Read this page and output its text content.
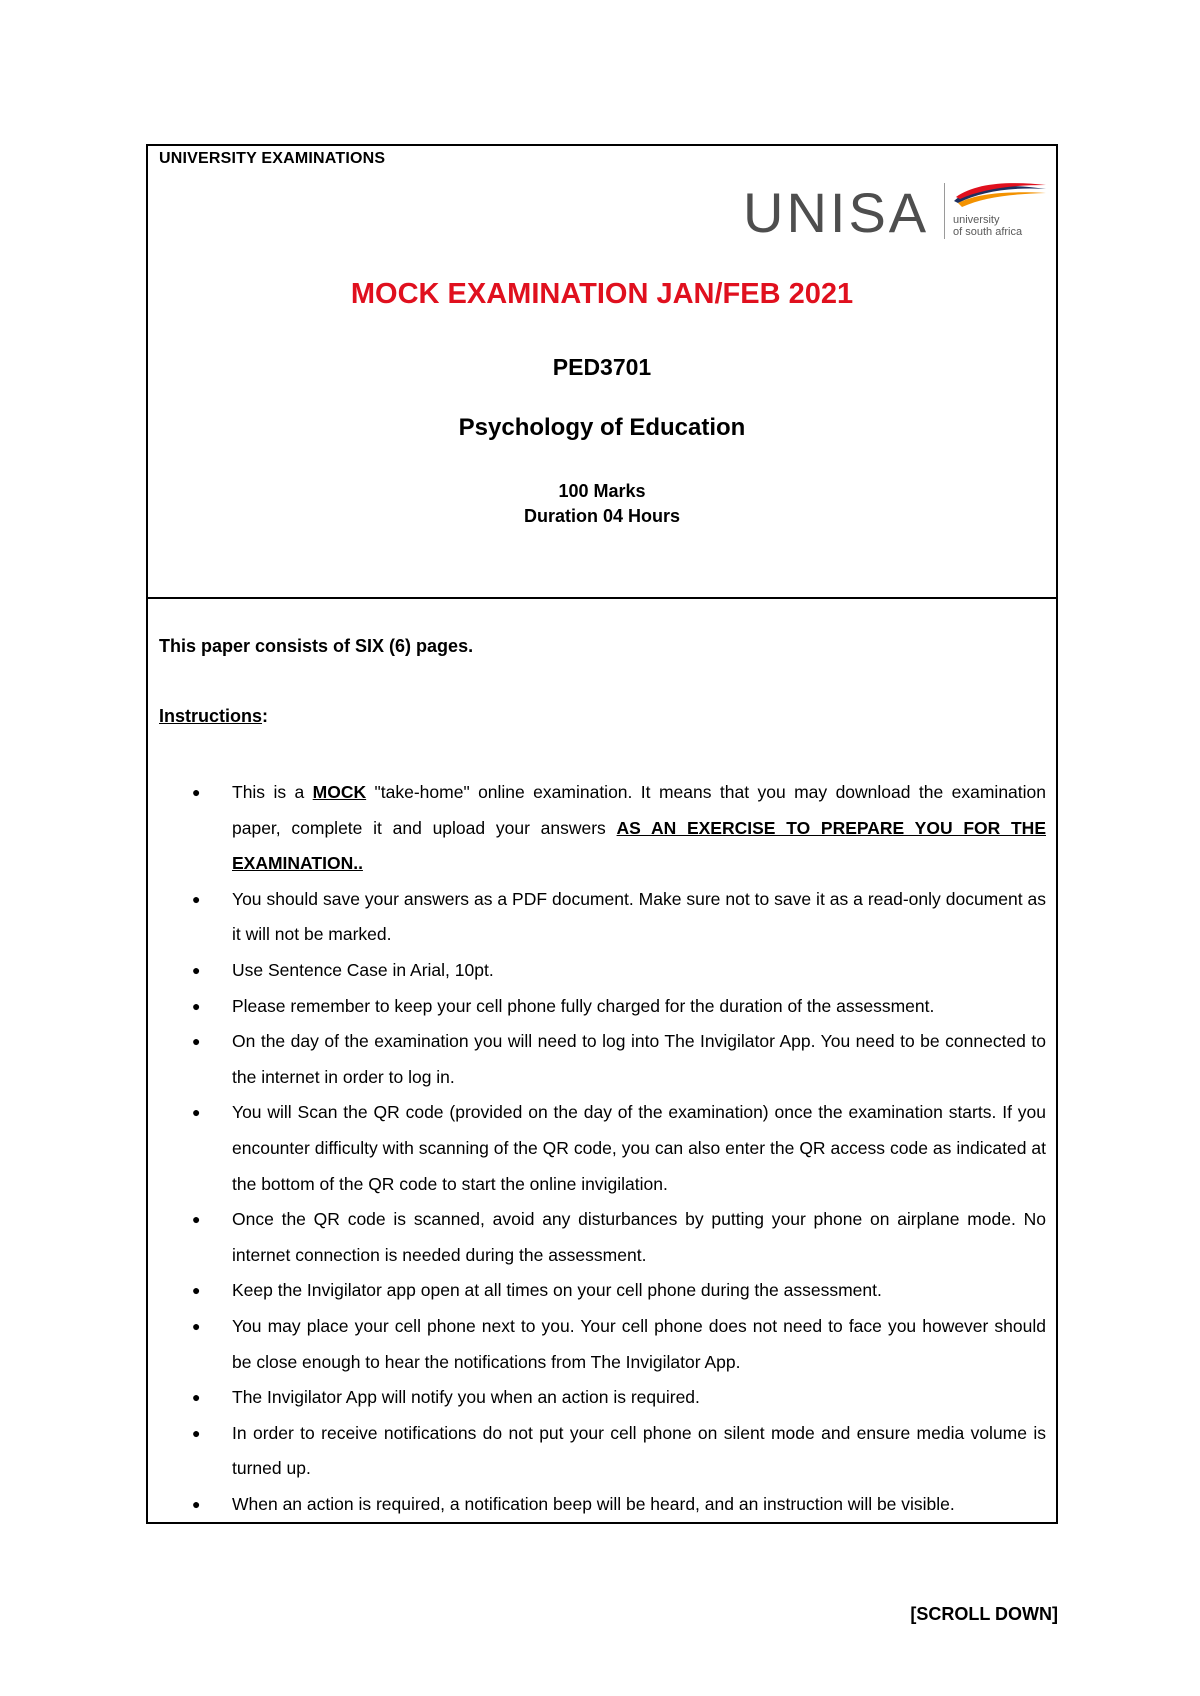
UNIVERSITY EXAMINATIONS
UNISA university
of south africa
MOCK EXAMINATION JAN/FEB 2021
PED3701
Psychology of Education
100 Marks
Duration 04 Hours
This paper consists of SIX (6) pages.
Instructions:
● This is a MOCK "take-home" online examination. It means that you may download the examination paper, complete it and upload your answers AS AN EXERCISE TO PREPARE YOU FOR THE EXAMINATION..
● You should save your answers as a PDF document. Make sure not to save it as a read-only document as it will not be marked.
● Use Sentence Case in Arial, 10pt.
● Please remember to keep your cell phone fully charged for the duration of the assessment.
● On the day of the examination you will need to log into The Invigilator App. You need to be connected to the internet in order to log in.
● You will Scan the QR code (provided on the day of the examination) once the examination starts. If you encounter difficulty with scanning of the QR code, you can also enter the QR access code as indicated at the bottom of the QR code to start the online invigilation.
● Once the QR code is scanned, avoid any disturbances by putting your phone on airplane mode. No internet connection is needed during the assessment.
● Keep the Invigilator app open at all times on your cell phone during the assessment.
● You may place your cell phone next to you. Your cell phone does not need to face you however should be close enough to hear the notifications from The Invigilator App.
● The Invigilator App will notify you when an action is required.
● In order to receive notifications do not put your cell phone on silent mode and ensure media volume is turned up.
● When an action is required, a notification beep will be heard, and an instruction will be visible.
[SCROLL DOWN]
